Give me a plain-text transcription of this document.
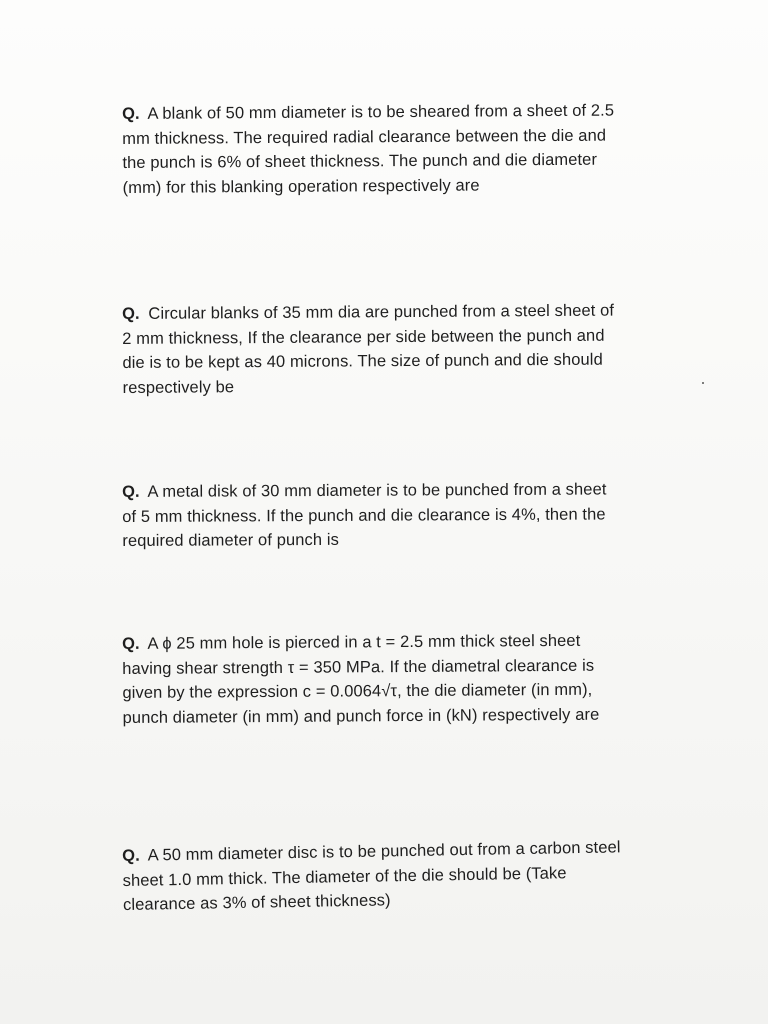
Q. A blank of 50 mm diameter is to be sheared from a sheet of 2.5 mm thickness. The required radial clearance between the die and the punch is 6% of sheet thickness. The punch and die diameter (mm) for this blanking operation respectively are
Q. Circular blanks of 35 mm dia are punched from a steel sheet of 2 mm thickness, If the clearance per side between the punch and die is to be kept as 40 microns. The size of punch and die should respectively be
Q. A metal disk of 30 mm diameter is to be punched from a sheet of 5 mm thickness. If the punch and die clearance is 4%, then the required diameter of punch is
Q. A ϕ 25 mm hole is pierced in a t = 2.5 mm thick steel sheet having shear strength τ = 350 MPa. If the diametral clearance is given by the expression c = 0.0064√τ, the die diameter (in mm), punch diameter (in mm) and punch force in (kN) respectively are
Q. A 50 mm diameter disc is to be punched out from a carbon steel sheet 1.0 mm thick. The diameter of the die should be (Take clearance as 3% of sheet thickness)
